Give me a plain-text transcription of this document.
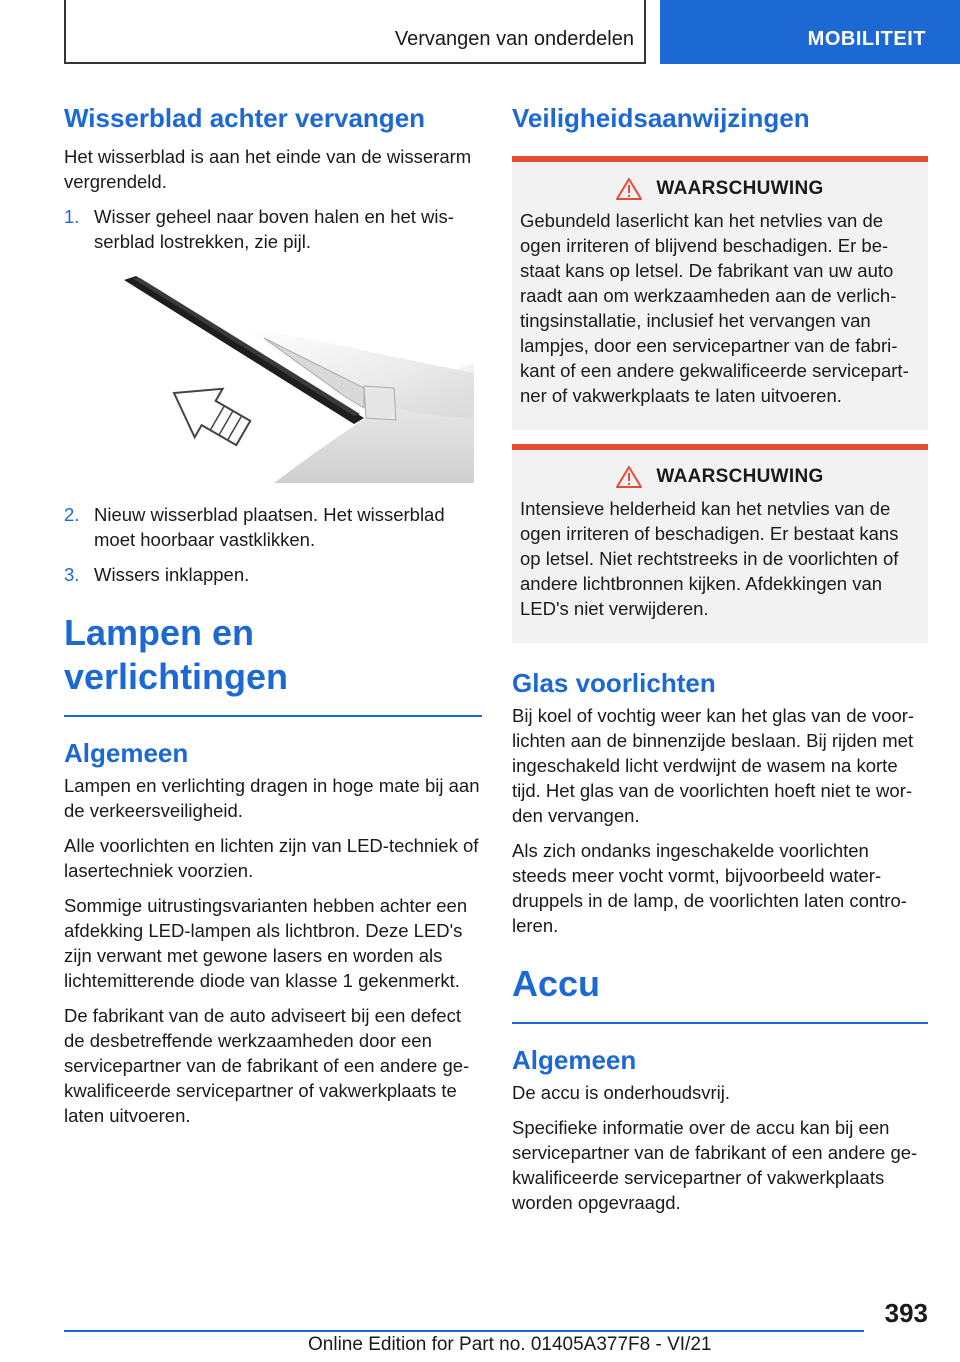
Vervangen van onderdelen	MOBILITEIT
Wisserblad achter vervangen

Het wisserblad is aan het einde van de wisserarm vergrendeld.

1. Wisser geheel naar boven halen en het wisserblad lostrekken, zie pijl.
2. Nieuw wisserblad plaatsen. Het wisserblad moet hoorbaar vastklikken.
3. Wissers inklappen.
Lampen en verlichtingen
Algemeen

Lampen en verlichting dragen in hoge mate bij aan de verkeersveiligheid.

Alle voorlichten en lichten zijn van LED-techniek of lasertechniek voorzien.

Sommige uitrustingsvarianten hebben achter een afdekking LED-lampen als lichtbron. Deze LED's zijn verwant met gewone lasers en worden als lichtemitterende diode van klasse 1 gekenmerkt.

De fabrikant van de auto adviseert bij een defect de desbetreffende werkzaamheden door een servicepartner van de fabrikant of een andere gekwalificeerde servicepartner of vakwerkplaats te laten uitvoeren.

Veiligheidsaanwijzingen
WAARSCHUWING

Gebundeld laserlicht kan het netvlies van de ogen irriteren of blijvend beschadigen. Er bestaat kans op letsel. De fabrikant van uw auto raadt aan om werkzaamheden aan de verlichtingsinstallatie, inclusief het vervangen van lampjes, door een servicepartner van de fabrikant of een andere gekwalificeerde servicepartner of vakwerkplaats te laten uitvoeren.

WAARSCHUWING

Intensieve helderheid kan het netvlies van de ogen irriteren of beschadigen. Er bestaat kans op letsel. Niet rechtstreeks in de voorlichten of andere lichtbronnen kijken. Afdekkingen van LED's niet verwijderen.

Glas voorlichten

Bij koel of vochtig weer kan het glas van de voorlichten aan de binnenzijde beslaan. Bij rijden met ingeschakeld licht verdwijnt de wasem na korte tijd. Het glas van de voorlichten hoeft niet te worden vervangen.

Als zich ondanks ingeschakelde voorlichten steeds meer vocht vormt, bijvoorbeeld waterdruppels in de lamp, de voorlichten laten controleren.

Accu
Algemeen

De accu is onderhoudsvrij.

Specifieke informatie over de accu kan bij een servicepartner van de fabrikant of een andere gekwalificeerde servicepartner of vakwerkplaats worden opgevraagd.

393
Online Edition for Part no. 01405A377F8 - VI/21
